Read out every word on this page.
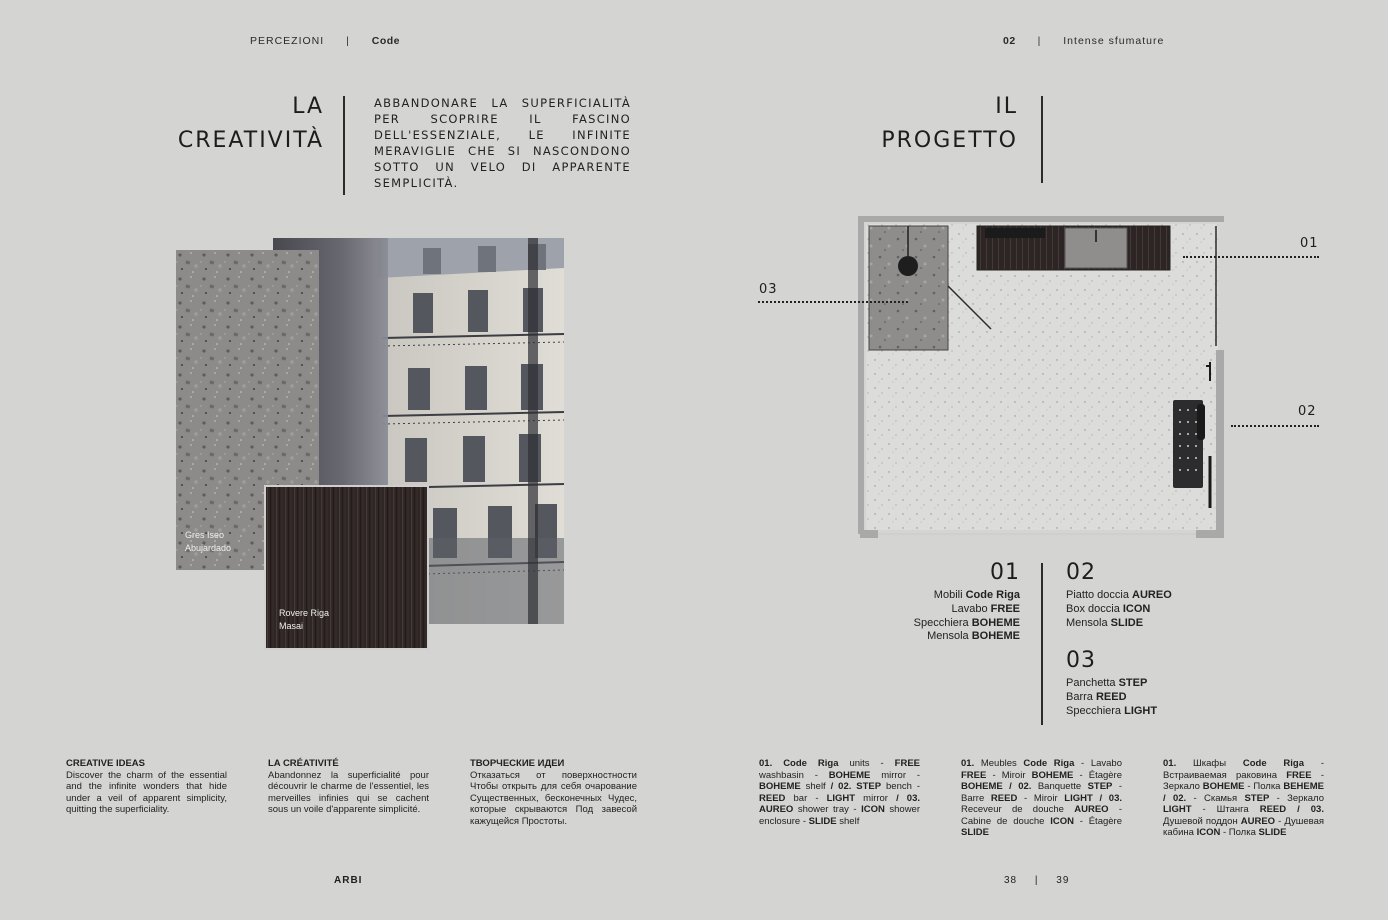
PERCEZIONI | Code	02 | Intense sfumature
LA
CREATIVITÀ
ABBANDONARE LA SUPERFICIALITÀ PER SCOPRIRE IL FASCINO DELL'ESSENZIALE, LE INFINITE MERAVIGLIE CHE SI NASCONDONO SOTTO UN VELO DI APPARENTE SEMPLICITÀ.
IL
PROGETTO
Gres Iseo
Abujardado
Rovere Riga
Masai
01
02
03
01
Mobili Code Riga
Lavabo FREE
Specchiera BOHEME
Mensola BOHEME
02
Piatto doccia AUREO
Box doccia ICON
Mensola SLIDE
03
Panchetta STEP
Barra REED
Specchiera LIGHT
CREATIVE IDEAS
Discover the charm of the essential and the infinite wonders that hide under a veil of apparent simplicity, quitting the superficiality.
LA CRÉATIVITÉ
Abandonnez la superficialité pour découvrir le charme de l'essentiel, les merveilles infinies qui se cachent sous un voile d'apparente simplicité.
ТВОРЧЕСКИЕ ИДЕИ
Отказаться от поверхностности Чтобы открыть для себя очарование Существенных, бесконечных Чудес, которые скрываются Под завесой кажущейся Простоты.
01. Code Riga units - FREE washbasin - BOHEME mirror - BOHEME shelf / 02. STEP bench - REED bar - LIGHT mirror / 03. AUREO shower tray - ICON shower enclosure - SLIDE shelf
01. Meubles Code Riga - Lavabo FREE - Miroir BOHEME - Étagère BOHEME / 02. Banquette STEP - Barre REED - Miroir LIGHT / 03. Receveur de douche AUREO - Cabine de douche ICON - Étagère SLIDE
01. Шкафы Code Riga - Встраиваемая раковина FREE - Зеркало BOHEME - Полка BEHEME / 02. - Скамья STEP - Зеркало LIGHT - Штанга REED / 03. Душевой поддон AUREO - Душевая кабина ICON - Полка SLIDE
ARBI	38 | 39
